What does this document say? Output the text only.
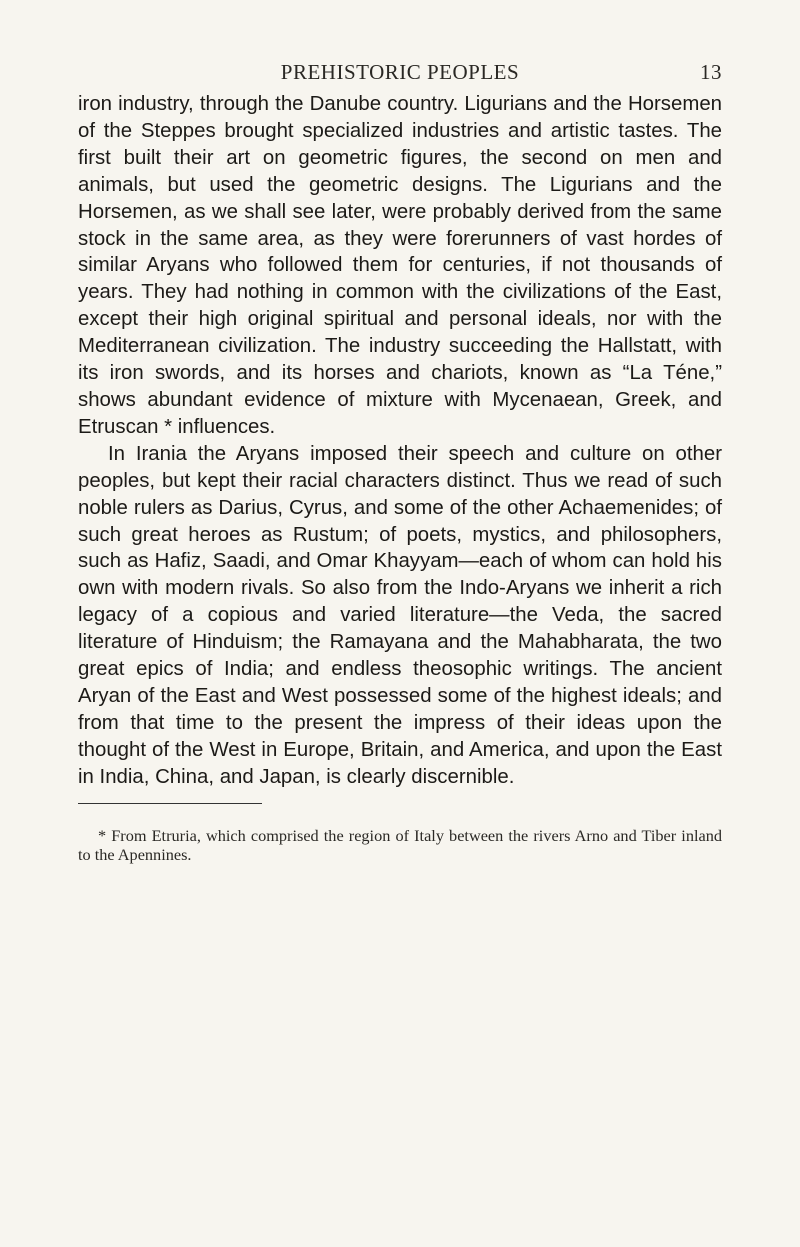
PREHISTORIC PEOPLES	13

iron industry, through the Danube country. Ligurians and the Horsemen of the Steppes brought specialized industries and artistic tastes. The first built their art on geometric figures, the second on men and animals, but used the geometric designs. The Ligurians and the Horsemen, as we shall see later, were probably derived from the same stock in the same area, as they were forerunners of vast hordes of similar Aryans who followed them for centuries, if not thousands of years. They had nothing in common with the civilizations of the East, except their high original spiritual and personal ideals, nor with the Mediterranean civilization. The industry succeeding the Hallstatt, with its iron swords, and its horses and chariots, known as “La Téne,” shows abundant evidence of mixture with Mycenaean, Greek, and Etruscan * influences.

In Irania the Aryans imposed their speech and culture on other peoples, but kept their racial characters distinct. Thus we read of such noble rulers as Darius, Cyrus, and some of the other Achaemenides; of such great heroes as Rustum; of poets, mystics, and philosophers, such as Hafiz, Saadi, and Omar Khayyam—each of whom can hold his own with modern rivals. So also from the Indo-Aryans we inherit a rich legacy of a copious and varied literature—the Veda, the sacred literature of Hinduism; the Ramayana and the Mahabharata, the two great epics of India; and endless theosophic writings. The ancient Aryan of the East and West possessed some of the highest ideals; and from that time to the present the impress of their ideas upon the thought of the West in Europe, Britain, and America, and upon the East in India, China, and Japan, is clearly discernible.

* From Etruria, which comprised the region of Italy between the rivers Arno and Tiber inland to the Apennines.
